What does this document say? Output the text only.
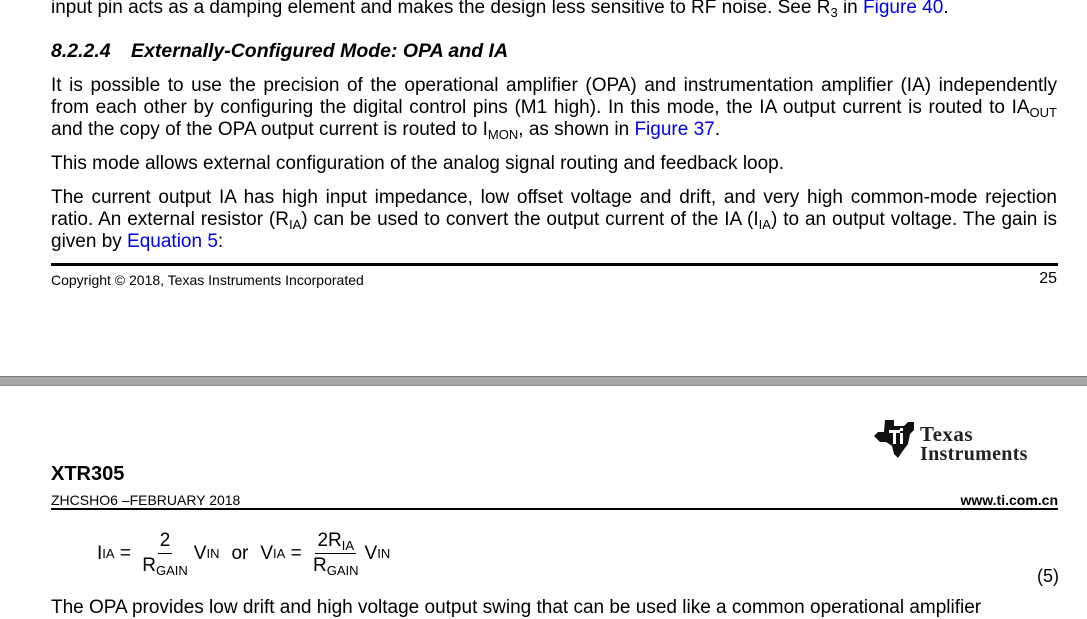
input pin acts as a damping element and makes the design less sensitive to RF noise. See $R_3$ in Figure 40.
8.2.2.4 Externally-Configured Mode: OPA and IA
It is possible to use the precision of the operational amplifier (OPA) and instrumentation amplifier (IA) independently from each other by configuring the digital control pins (M1 high). In this mode, the IA output current is routed to $IA_{OUT}$ and the copy of the OPA output current is routed to $I_{MON}$, as shown in Figure 37.
This mode allows external configuration of the analog signal routing and feedback loop.
The current output IA has high input impedance, low offset voltage and drift, and very high common-mode rejection ratio. An external resistor $(R_{IA})$ can be used to convert the output current of the IA $(I_{IA})$ to an output voltage. The gain is given by Equation 5:
Copyright © 2018, Texas Instruments Incorporated	25
Texas
Instruments
XTR305
ZHCSHO6 –FEBRUARY 2018	www.ti.com.cn
I IA = $\frac{2}{R_{GAIN}}$ V IN or V IA = $\frac{2R_{IA}}{R_{GAIN}}$ V IN
(5)
The OPA provides low drift and high voltage output swing that can be used like a common operational amplifier
